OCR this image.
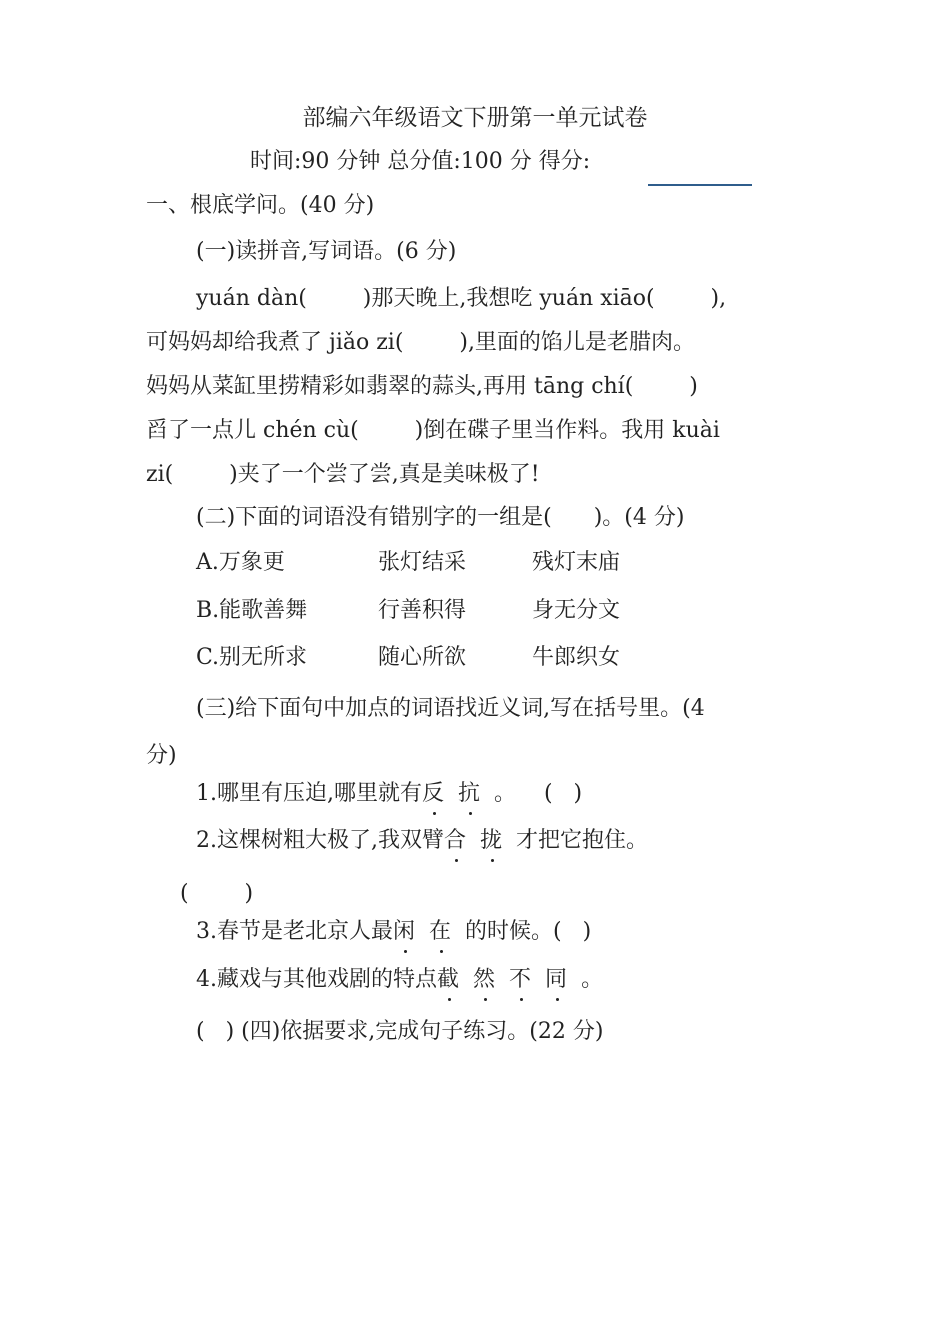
部编六年级语文下册第一单元试卷
时间:90 分钟 总分值:100 分 得分:
一、根底学问。(40 分)
(一)读拼音,写词语。(6 分)
yuán dàn(        )那天晚上,我想吃 yuán xiāo(        ),
可妈妈却给我煮了 jiǎo zi(        ),里面的馅儿是老腊肉。
妈妈从菜缸里捞精彩如翡翠的蒜头,再用 tāng chí(        )
舀了一点儿 chén cù(        )倒在碟子里当作料。我用 kuài
zi(        )夹了一个尝了尝,真是美味极了!
(二)下面的词语没有错别字的一组是(      )。(4 分)
A.万象更	张灯结采	残灯末庙
B.能歌善舞	行善积得	身无分文
C.别无所求	随心所欲	牛郎织女
(三)给下面句中加点的词语找近义词,写在括号里。(4
分)
1.哪里有压迫,哪里就有反 抗 。    (   )
2.这棵树粗大极了,我双臂合 拢 才把它抱住。
(        )
3.春节是老北京人最闲 在 的时候。(   )
4.藏戏与其他戏剧的特点截 然 不 同 。
(   ) (四)依据要求,完成句子练习。(22 分)
